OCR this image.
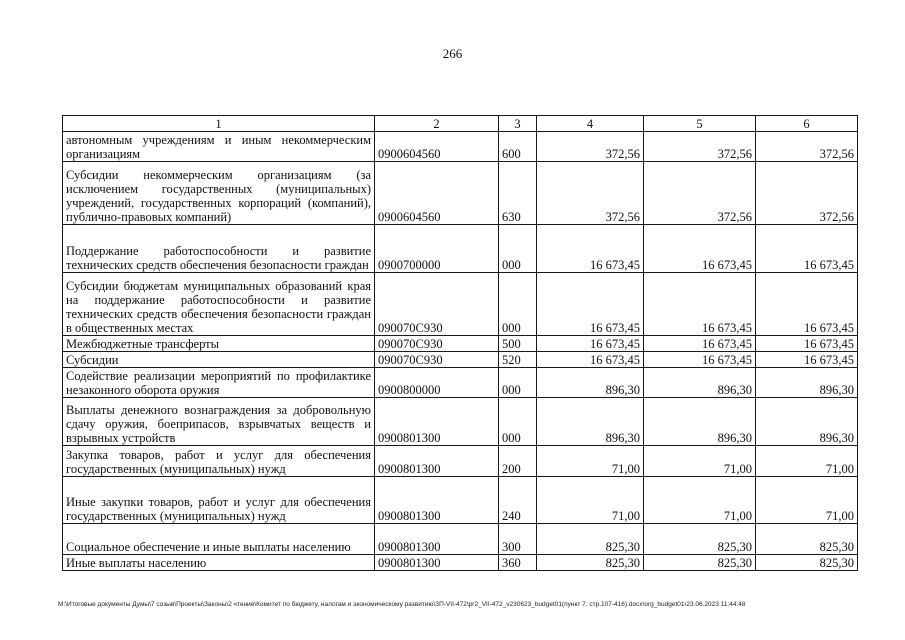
266
1	2	3	4	5	6
автономным учреждениям и иным некоммерческим организациям	0900604560	600	372,56	372,56	372,56
Субсидии некоммерческим организациям (за исключением государственных (муниципальных) учреждений, государственных корпораций (компаний), публично-правовых компаний)	0900604560	630	372,56	372,56	372,56
Поддержание работоспособности и развитие технических средств обеспечения безопасности граждан	0900700000	000	16 673,45	16 673,45	16 673,45
Субсидии бюджетам муниципальных образований края на поддержание работоспособности и развитие технических средств обеспечения безопасности граждан в общественных местах	090070С930	000	16 673,45	16 673,45	16 673,45
Межбюджетные трансферты	090070С930	500	16 673,45	16 673,45	16 673,45
Субсидии	090070С930	520	16 673,45	16 673,45	16 673,45
Содействие реализации мероприятий по профилактике незаконного оборота оружия	0900800000	000	896,30	896,30	896,30
Выплаты денежного вознаграждения за добровольную сдачу оружия, боеприпасов, взрывчатых веществ и взрывных устройств	0900801300	000	896,30	896,30	896,30
Закупка товаров, работ и услуг для обеспечения государственных (муниципальных) нужд	0900801300	200	71,00	71,00	71,00
Иные закупки товаров, работ и услуг для обеспечения государственных (муниципальных) нужд	0900801300	240	71,00	71,00	71,00
Социальное обеспечение и иные выплаты населению	0900801300	300	825,30	825,30	825,30
Иные выплаты населению	0900801300	360	825,30	825,30	825,30
М:\Итоговые документы Думы\7 созыв\Проекты\Законы\2 чтение\Комитет по бюджету, налогам и экономическому развитию\ЗП-VII-472\pr2_VII-472_v230623_budget01(пункт 7, стр.107-416).docx\org_budget01\23.06.2023 11:44:48
